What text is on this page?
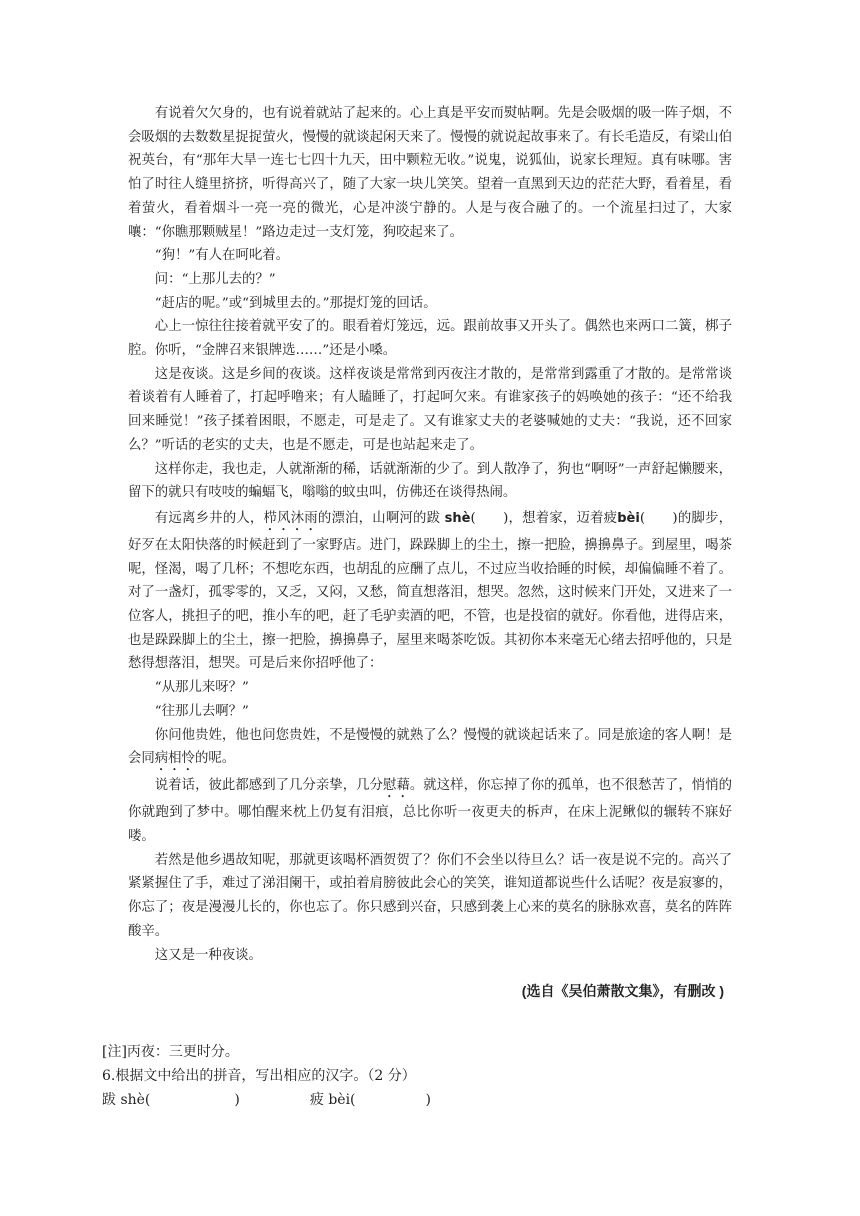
有说着欠欠身的，也有说着就站了起来的。心上真是平安而熨帖啊。先是会吸烟的吸一阵子烟，不会吸烟的去数数星捉捉萤火，慢慢的就谈起闲天来了。慢慢的就说起故事来了。有长毛造反，有梁山伯祝英台，有“那年大旱一连七七四十九天，田中颗粒无收。”说鬼，说狐仙，说家长理短。真有味哪。害怕了时往人缝里挤挤，听得高兴了，随了大家一块儿笑笑。望着一直黑到天边的茫茫大野，看着星，看着萤火，看着烟斗一亮一亮的微光，心是冲淡宁静的。人是与夜合融了的。一个流星扫过了，大家嚷：“你瞧那颗贼星！”路边走过一支灯笼，狗咬起来了。

“狗！”有人在呵叱着。

问：“上那儿去的？”

“赶店的呢。”或“到城里去的。”那提灯笼的回话。

心上一惊往往接着就平安了的。眼看着灯笼远，远。跟前故事又开头了。偶然也来两口二簧，梆子腔。你听，“金牌召来银牌选……”还是小嗓。

这是夜谈。这是乡间的夜谈。这样夜谈是常常到丙夜注才散的，是常常到露重了才散的。是常常谈着谈着有人睡着了，打起呼噜来；有人瞌睡了，打起呵欠来。有谁家孩子的妈唤她的孩子：“还不给我回来睡觉！”孩子揉着困眼，不愿走，可是走了。又有谁家丈夫的老婆喊她的丈夫：“我说，还不回家么？”听话的老实的丈夫，也是不愿走，可是也站起来走了。

这样你走，我也走，人就渐渐的稀，话就渐渐的少了。到人散净了，狗也“啊呀”一声舒起懒腰来，留下的就只有吱吱的蝙蝠飞，嗡嗡的蚊虫叫，仿佛还在谈得热闹。

有远离乡井的人，栉风沐雨的漂泊，山啊河的跋 shè(　　)，想着家，迈着疲bèi(　　)的脚步，好歹在太阳快落的时候赶到了一家野店。进门，跺跺脚上的尘土，擦一把脸，擤擤鼻子。到屋里，喝茶呢，怪渴，喝了几杯；不想吃东西，也胡乱的应酬了点儿，不过应当收拾睡的时候，却偏偏睡不着了。对了一盏灯，孤零零的，又乏，又闷，又愁，简直想落泪，想哭。忽然，这时候来门开处，又进来了一位客人，挑担子的吧，推小车的吧，赶了毛驴卖酒的吧，不管，也是投宿的就好。你看他，进得店来，也是跺跺脚上的尘土，擦一把脸，擤擤鼻子，屋里来喝茶吃饭。其初你本来毫无心绪去招呼他的，只是愁得想落泪，想哭。可是后来你招呼他了：

“从那儿来呀？”

“往那儿去啊？”

你问他贵姓，他也问您贵姓，不是慢慢的就熟了么？慢慢的就谈起话来了。同是旅途的客人啊！是会同病相怜的呢。

说着话，彼此都感到了几分亲挚，几分慰藉。就这样，你忘掉了你的孤单，也不很愁苦了，悄悄的你就跑到了梦中。哪怕醒来枕上仍复有泪痕，总比你听一夜更夫的柝声，在床上泥鳅似的辗转不寐好喽。

若然是他乡遇故知呢，那就更该喝杯酒贺贺了？你们不会坐以待旦么？话一夜是说不完的。高兴了紧紧握住了手，难过了涕泪阑干，或拍着肩膀彼此会心的笑笑，谁知道都说些什么话呢？夜是寂寥的，你忘了；夜是漫漫儿长的，你也忘了。你只感到兴奋，只感到袭上心来的莫名的脉脉欢喜，莫名的阵阵酸辛。

这又是一种夜谈。

(选自《吴伯萧散文集》，有删改 )

[注]丙夜：三更时分。

6.根据文中给出的拼音，写出相应的汉字。（2 分）

跋 shè(　　　　　　)	疲 bèi(　　　　　)
